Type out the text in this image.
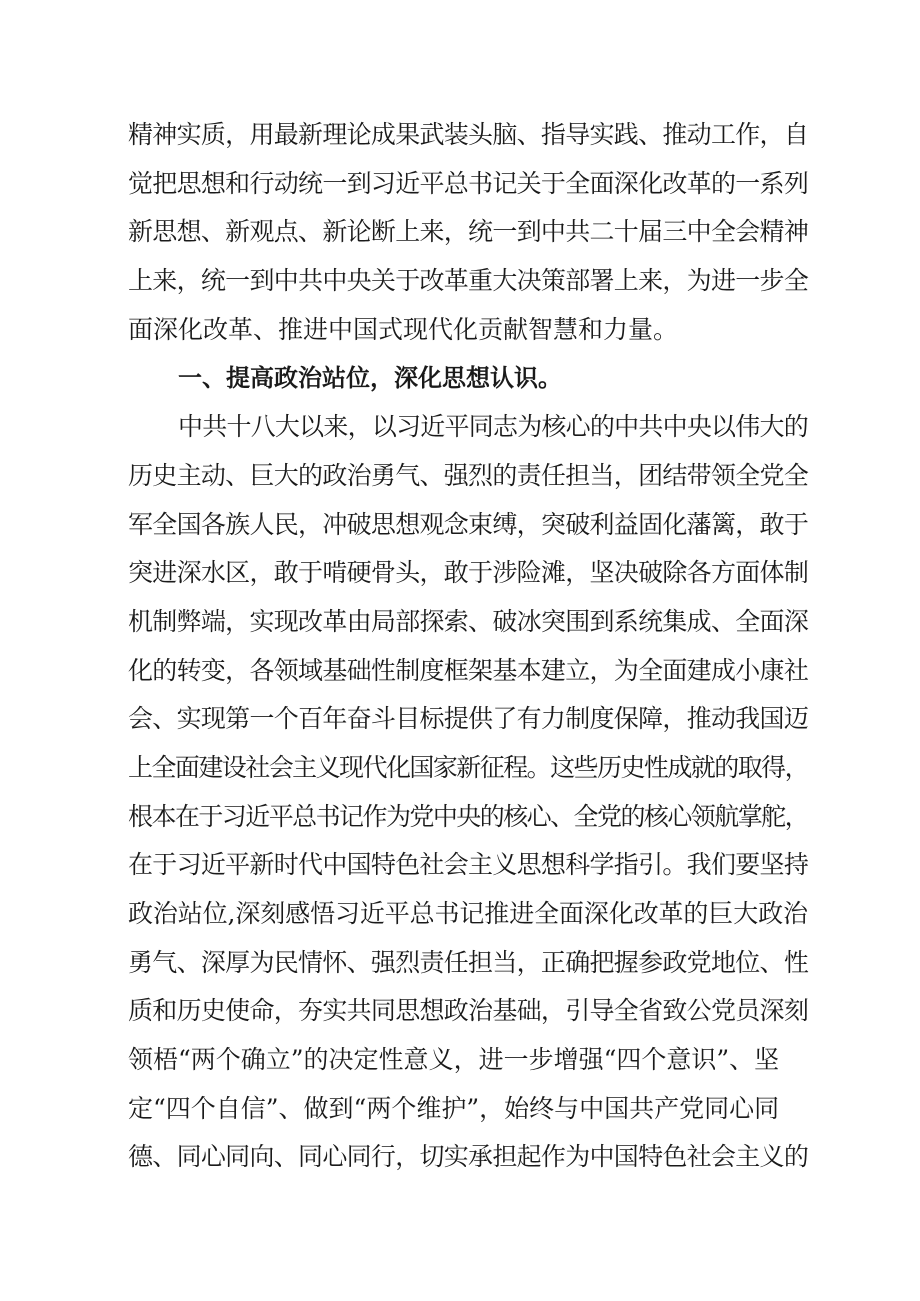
精神实质，用最新理论成果武装头脑、指导实践、推动工作，自
觉把思想和行动统一到习近平总书记关于全面深化改革的一系列
新思想、新观点、新论断上来，统一到中共二十届三中全会精神
上来，统一到中共中央关于改革重大决策部署上来，为进一步全
面深化改革、推进中国式现代化贡献智慧和力量。
一、提高政治站位，深化思想认识。
中共十八大以来，以习近平同志为核心的中共中央以伟大的
历史主动、巨大的政治勇气、强烈的责任担当，团结带领全党全
军全国各族人民，冲破思想观念束缚，突破利益固化藩篱，敢于
突进深水区，敢于啃硬骨头，敢于涉险滩，坚决破除各方面体制
机制弊端，实现改革由局部探索、破冰突围到系统集成、全面深
化的转变，各领域基础性制度框架基本建立，为全面建成小康社
会、实现第一个百年奋斗目标提供了有力制度保障，推动我国迈
上全面建设社会主义现代化国家新征程。这些历史性成就的取得，
根本在于习近平总书记作为党中央的核心、全党的核心领航掌舵，
在于习近平新时代中国特色社会主义思想科学指引。我们要坚持
政治站位,深刻感悟习近平总书记推进全面深化改革的巨大政治
勇气、深厚为民情怀、强烈责任担当，正确把握参政党地位、性
质和历史使命，夯实共同思想政治基础，引导全省致公党员深刻
领梧“两个确立”的决定性意义，进一步增强“四个意识”、坚
定“四个自信”、做到“两个维护”，始终与中国共产党同心同
德、同心同向、同心同行，切实承担起作为中国特色社会主义的
